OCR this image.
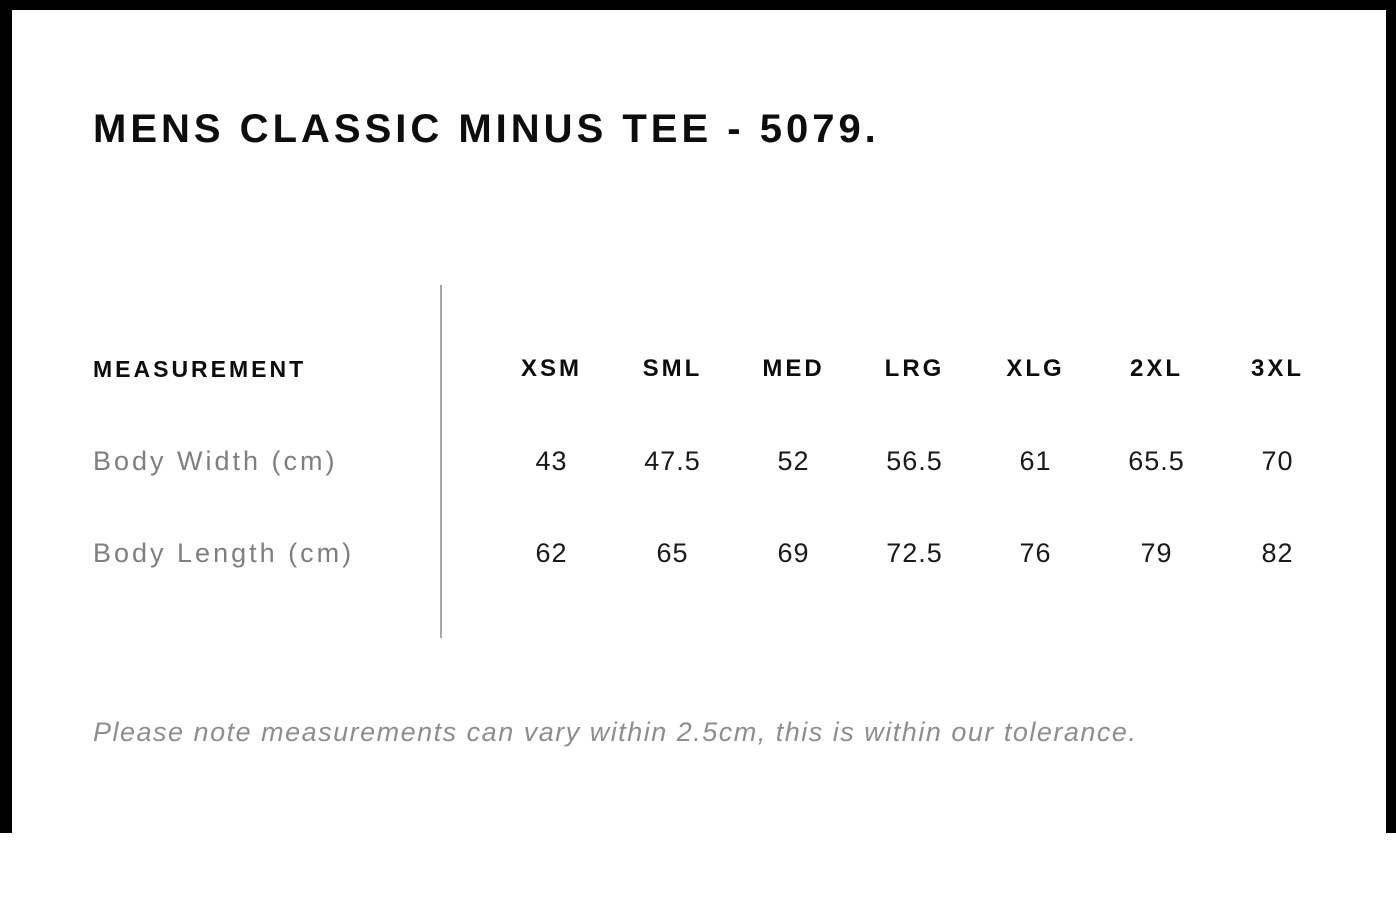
MENS CLASSIC MINUS TEE - 5079.
MEASUREMENT	XSM	SML	MED	LRG	XLG	2XL	3XL
Body Width (cm)	43	47.5	52	56.5	61	65.5	70
Body Length (cm)	62	65	69	72.5	76	79	82

Please note measurements can vary within 2.5cm, this is within our tolerance.
